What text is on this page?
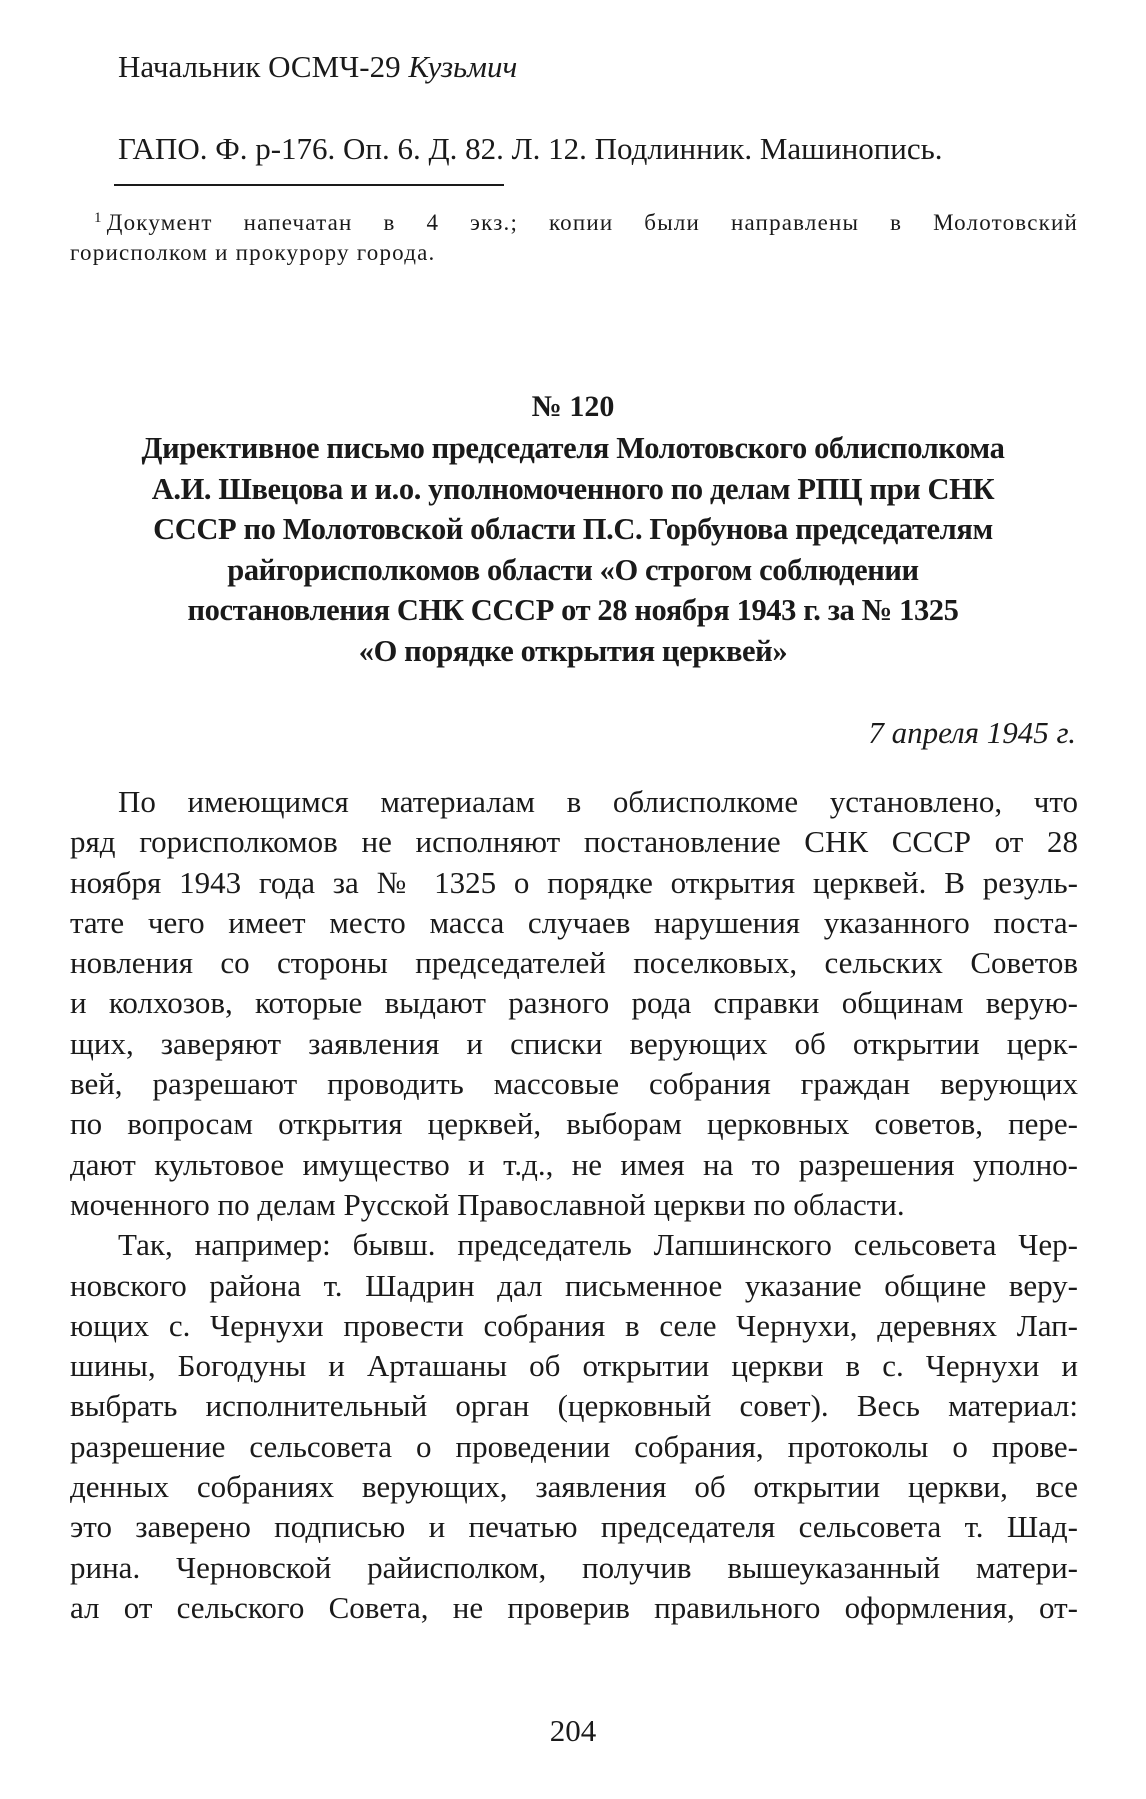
Начальник ОСМЧ-29 Кузьмич
ГАПО. Ф. р-176. Оп. 6. Д. 82. Л. 12. Подлинник. Машинопись.
$^1$ Документ напечатан в 4 экз.; копии были направлены в Молотовский
горисполком и прокурору города.
№ 120
Директивное письмо председателя Молотовского облисполкома
А.И. Швецова и и.о. уполномоченного по делам РПЦ при СНК
СССР по Молотовской области П.С. Горбунова председателям
райгорисполкомов области «О строгом соблюдении
постановления СНК СССР от 28 ноября 1943 г. за № 1325
«О порядке открытия церквей»
7 апреля 1945 г.
По имеющимся материалам в облисполкоме установлено, что
ряд горисполкомов не исполняют постановление СНК СССР от 28
ноября 1943 года за № 1325 о порядке открытия церквей. В резуль-
тате чего имеет место масса случаев нарушения указанного поста-
новления со стороны председателей поселковых, сельских Советов
и колхозов, которые выдают разного рода справки общинам верую-
щих, заверяют заявления и списки верующих об открытии церк-
вей, разрешают проводить массовые собрания граждан верующих
по вопросам открытия церквей, выборам церковных советов, пере-
дают культовое имущество и т.д., не имея на то разрешения уполно-
моченного по делам Русской Православной церкви по области.
Так, например: бывш. председатель Лапшинского сельсовета Чер-
новского района т. Шадрин дал письменное указание общине веру-
ющих с. Чернухи провести собрания в селе Чернухи, деревнях Лап-
шины, Богодуны и Арташаны об открытии церкви в с. Чернухи и
выбрать исполнительный орган (церковный совет). Весь материал:
разрешение сельсовета о проведении собрания, протоколы о прове-
денных собраниях верующих, заявления об открытии церкви, все
это заверено подписью и печатью председателя сельсовета т. Шад-
рина. Черновской райисполком, получив вышеуказанный матери-
ал от сельского Совета, не проверив правильного оформления, от-
204
